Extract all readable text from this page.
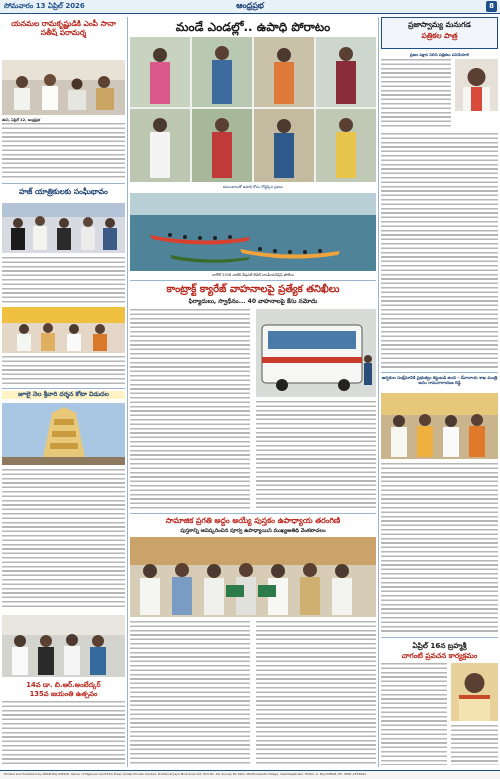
సోమవారం 13 ఏప్రిల్ 2026	ఆంధ్రప్రభ	8
యనమల రామకృష్ణుడికి ఎంపీ సానా సతీష్ పరామర్శ
తుని, ఏప్రిల్ 12, ఆంధ్రప్రభ
హజ్ యాత్రికులకు సంఘీభావం
జూలై నెల శ్రీవారి దర్శన కోటా విడుదల
14వ డా. బి.ఆర్.అంబేద్కర్
135వ జయంతి ఉత్సవం
మండే ఎండల్లో.. ఉపాధి పోరాటం
కుటుంబాలతో ఉపాధి కోసం రోడ్డెక్కిన ప్రజలు
నాగోల్ 2026 నాటికి నేషనల్ లెవెల్ చాంపియన్‌షిప్ పోటీలు
కాంట్రాక్ట్ క్యారేజ్ వాహనాలపై ప్రత్యేక తనిఖీలు
ఫిర్యాదులు, స్వాధీనం... 40 వాహనాలపై కేసు నమోదు
సామాజిక ప్రగతి అద్దం అయ్యే పుస్తకం ఉపాధ్యాయ తరంగిణి
పుస్తకాన్ని ఆవిష్కరించిన పూర్వ ఉపాధ్యాయిని ముఖ్యఅతిథి వెంకటాచలం
ప్రజాస్వామ్య మనుగడ
పత్రికల పాత్ర
ప్రజల పక్షాన నిలిచి పత్రికలు పనిచేయాలి
అర్చకుల సంక్షేమానికి ప్రభుత్వం కట్టుబడి ఉంది - దేవాదాయ శాఖ మంత్రి ఆనం రామనారాయణ రెడ్డి
ఏప్రిల్ 16న బ్రహ్మశ్రీ
చాగంటి ప్రవచన కార్యక్రమం
Printed and Published by ANAM RAJ KUMAR, Owner of Ngenere Sai Eddie Press (India) Private Limited, Printed at Jaya Mudranas Ltd, Plot No. 26, Survey No 90/1, Madhuravada Village, Visakhapatnam. Editor: A. RAJ KUMAR, Ph: 0891-2553061
